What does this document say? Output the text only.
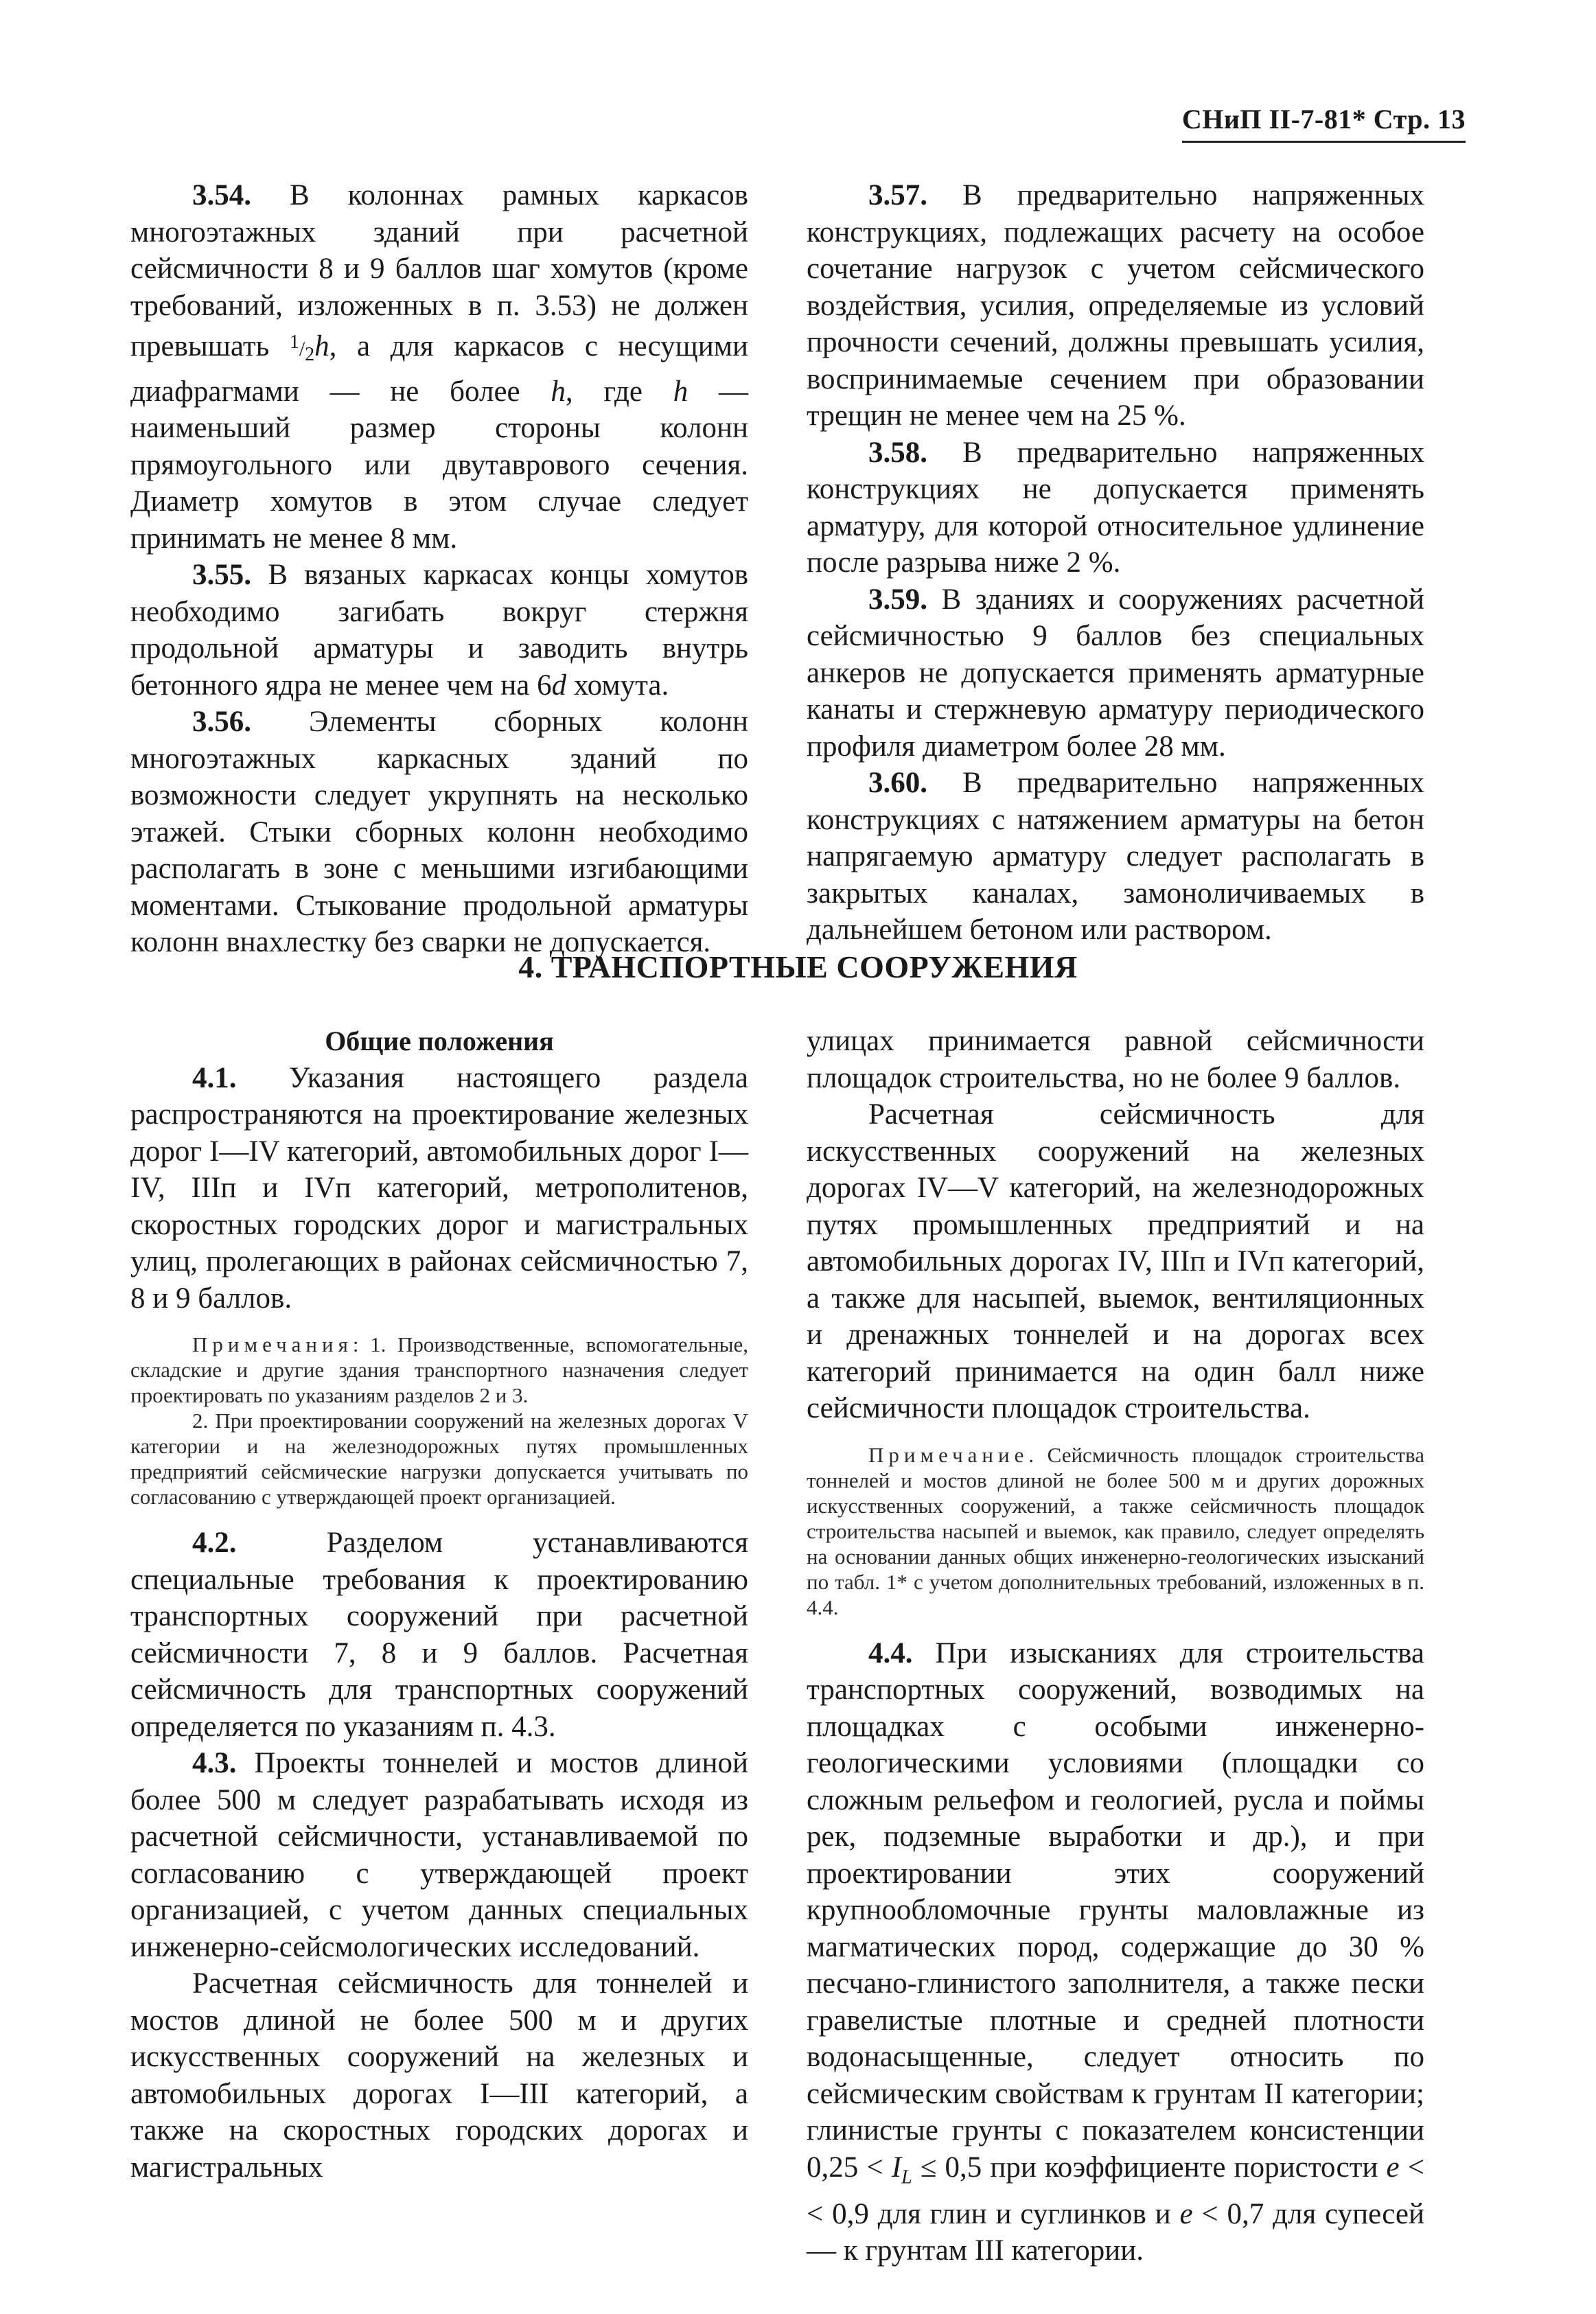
СНиП II-7-81* Стр. 13

3.54. В колоннах рамных каркасов многоэтажных зданий при расчетной сейсмичности 8 и 9 баллов шаг хомутов (кроме требований, изложенных в п. 3.53) не должен превышать $^1/_2h$, а для каркасов с несущими диафрагмами — не более h, где h — наименьший размер стороны колонн прямоугольного или двутаврового сечения. Диаметр хомутов в этом случае следует принимать не менее 8 мм.

3.55. В вязаных каркасах концы хомутов необходимо загибать вокруг стержня продольной арматуры и заводить внутрь бетонного ядра не менее чем на 6d хомута.

3.56. Элементы сборных колонн многоэтажных каркасных зданий по возможности следует укрупнять на несколько этажей. Стыки сборных колонн необходимо располагать в зоне с меньшими изгибающими моментами. Стыкование продольной арматуры колонн внахлестку без сварки не допускается.

3.57. В предварительно напряженных конструкциях, подлежащих расчету на особое сочетание нагрузок с учетом сейсмического воздействия, усилия, определяемые из условий прочности сечений, должны превышать усилия, воспринимаемые сечением при образовании трещин не менее чем на 25 %.

3.58. В предварительно напряженных конструкциях не допускается применять арматуру, для которой относительное удлинение после разрыва ниже 2 %.

3.59. В зданиях и сооружениях расчетной сейсмичностью 9 баллов без специальных анкеров не допускается применять арматурные канаты и стержневую арматуру периодического профиля диаметром более 28 мм.

3.60. В предварительно напряженных конструкциях с натяжением арматуры на бетон напрягаемую арматуру следует располагать в закрытых каналах, замоноличиваемых в дальнейшем бетоном или раствором.

4. ТРАНСПОРТНЫЕ СООРУЖЕНИЯ

Общие положения

4.1. Указания настоящего раздела распространяются на проектирование железных дорог I—IV категорий, автомобильных дорог I—IV, IIIп и IVп категорий, метрополитенов, скоростных городских дорог и магистральных улиц, пролегающих в районах сейсмичностью 7, 8 и 9 баллов.

Примечания: 1. Производственные, вспомогательные, складские и другие здания транспортного назначения следует проектировать по указаниям разделов 2 и 3.

2. При проектировании сооружений на железных дорогах V категории и на железнодорожных путях промышленных предприятий сейсмические нагрузки допускается учитывать по согласованию с утверждающей проект организацией.

4.2. Разделом устанавливаются специальные требования к проектированию транспортных сооружений при расчетной сейсмичности 7, 8 и 9 баллов. Расчетная сейсмичность для транспортных сооружений определяется по указаниям п. 4.3.

4.3. Проекты тоннелей и мостов длиной более 500 м следует разрабатывать исходя из расчетной сейсмичности, устанавливаемой по согласованию с утверждающей проект организацией, с учетом данных специальных инженерно-сейсмологических исследований.

Расчетная сейсмичность для тоннелей и мостов длиной не более 500 м и других искусственных сооружений на железных и автомобильных дорогах I—III категорий, а также на скоростных городских дорогах и магистральных

улицах принимается равной сейсмичности площадок строительства, но не более 9 баллов.

Расчетная сейсмичность для искусственных сооружений на железных дорогах IV—V категорий, на железнодорожных путях промышленных предприятий и на автомобильных дорогах IV, IIIп и IVп категорий, а также для насыпей, выемок, вентиляционных и дренажных тоннелей и на дорогах всех категорий принимается на один балл ниже сейсмичности площадок строительства.

Примечание. Сейсмичность площадок строительства тоннелей и мостов длиной не более 500 м и других дорожных искусственных сооружений, а также сейсмичность площадок строительства насыпей и выемок, как правило, следует определять на основании данных общих инженерно-геологических изысканий по табл. 1* с учетом дополнительных требований, изложенных в п. 4.4.

4.4. При изысканиях для строительства транспортных сооружений, возводимых на площадках с особыми инженерно-геологическими условиями (площадки со сложным рельефом и геологией, русла и поймы рек, подземные выработки и др.), и при проектировании этих сооружений крупнообломочные грунты маловлажные из магматических пород, содержащие до 30 % песчано-глинистого заполнителя, а также пески гравелистые плотные и средней плотности водонасыщенные, следует относить по сейсмическим свойствам к грунтам II категории; глинистые грунты с показателем консистенции $0,25 < I_L \le 0,5$ при коэффициенте пористости e < < 0,9 для глин и суглинков и e < 0,7 для супесей — к грунтам III категории.
